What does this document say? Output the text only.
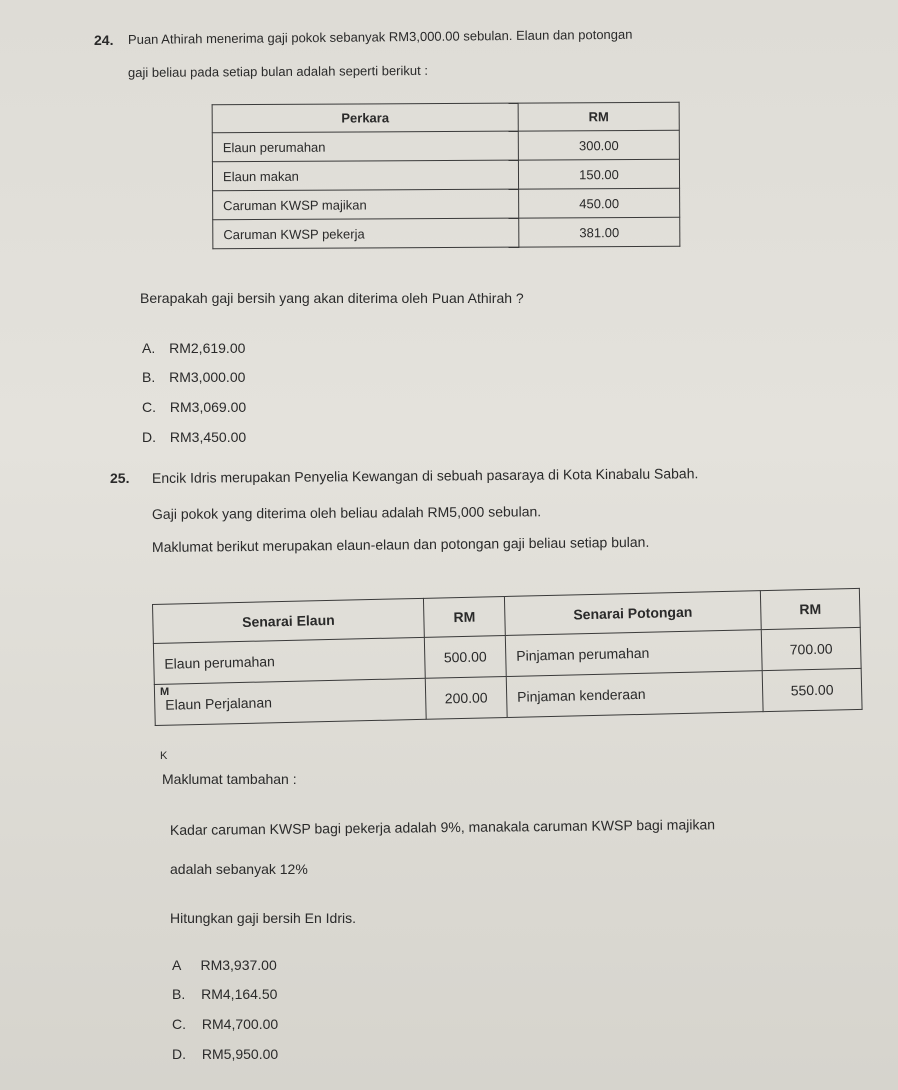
24. Puan Athirah menerima gaji pokok sebanyak RM3,000.00 sebulan. Elaun dan potongan
gaji beliau pada setiap bulan adalah seperti berikut :
Perkara	RM
Elaun perumahan	300.00
Elaun makan	150.00
Caruman KWSP majikan	450.00
Caruman KWSP pekerja	381.00
Berapakah gaji bersih yang akan diterima oleh Puan Athirah ?
A. RM2,619.00
B. RM3,000.00
C. RM3,069.00
D. RM3,450.00
25. Encik Idris merupakan Penyelia Kewangan di sebuah pasaraya di Kota Kinabalu Sabah.
Gaji pokok yang diterima oleh beliau adalah RM5,000 sebulan.
Maklumat berikut merupakan elaun-elaun dan potongan gaji beliau setiap bulan.
Senarai Elaun	RM	Senarai Potongan	RM
Elaun perumahan	500.00	Pinjaman perumahan	700.00
Elaun Perjalanan	200.00	Pinjaman kenderaan	550.00
M
K
Maklumat tambahan :
Kadar caruman KWSP bagi pekerja adalah 9%, manakala caruman KWSP bagi majikan
adalah sebanyak 12%
Hitungkan gaji bersih En Idris.
A RM3,937.00
B. RM4,164.50
C. RM4,700.00
D. RM5,950.00
